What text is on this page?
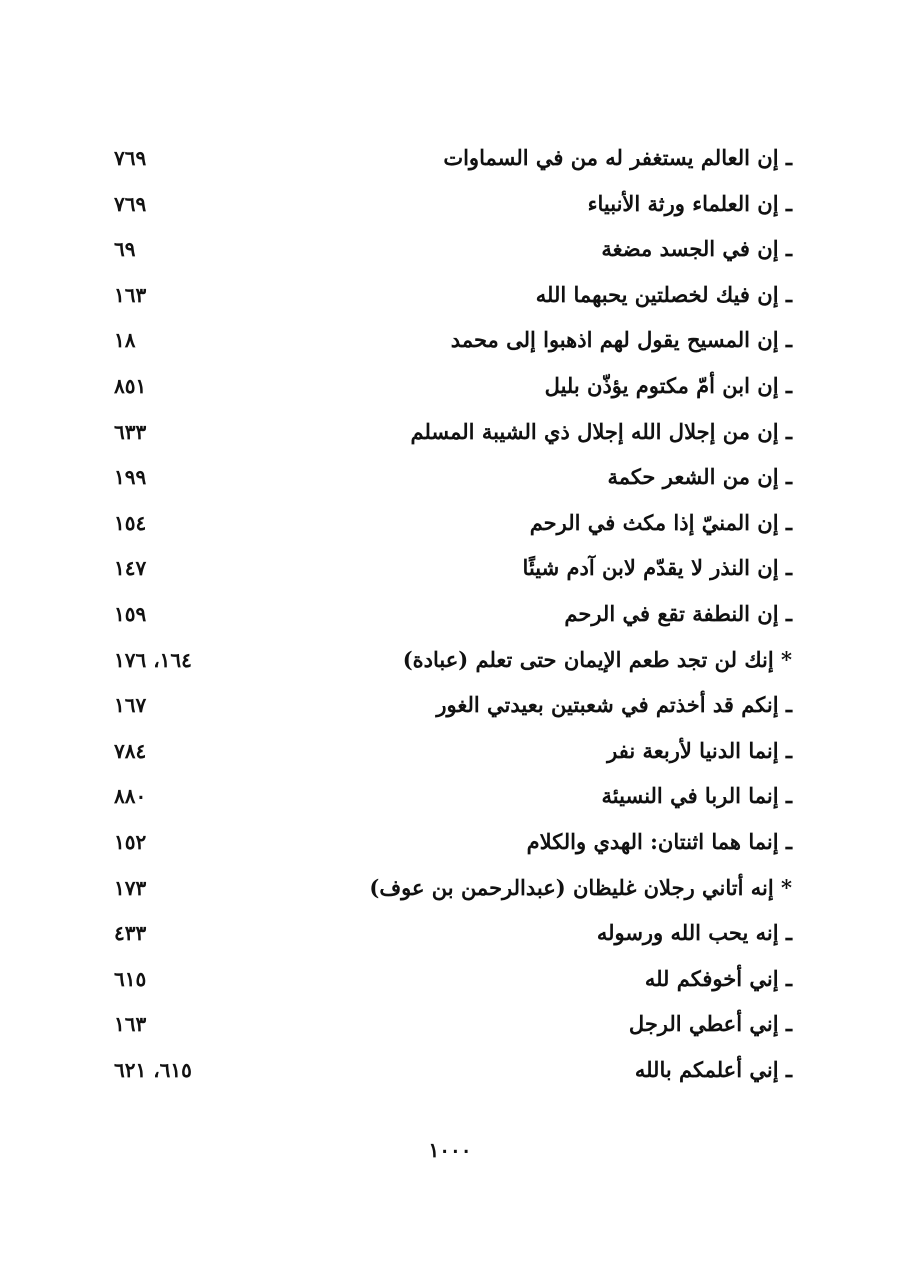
ـ إن العالم يستغفر له من في السماوات
٧٦٩
ـ إن العلماء ورثة الأنبياء
٧٦٩
ـ إن في الجسد مضغة
٦٩
ـ إن فيك لخصلتين يحبهما الله
١٦٣
ـ إن المسيح يقول لهم اذهبوا إلى محمد
١٨
ـ إن ابن أمّ مكتوم يؤذّن بليل
٨٥١
ـ إن من إجلال الله إجلال ذي الشيبة المسلم
٦٣٣
ـ إن من الشعر حكمة
١٩٩
ـ إن المنيّ إذا مكث في الرحم
١٥٤
ـ إن النذر لا يقدّم لابن آدم شيئًا
١٤٧
ـ إن النطفة تقع في الرحم
١٥٩
* إنك لن تجد طعم الإيمان حتى تعلم (عبادة)
١٦٤، ١٧٦
ـ إنكم قد أخذتم في شعبتين بعيدتي الغور
١٦٧
ـ إنما الدنيا لأربعة نفر
٧٨٤
ـ إنما الربا في النسيئة
٨٨٠
ـ إنما هما اثنتان: الهدي والكلام
١٥٢
* إنه أتاني رجلان غليظان (عبدالرحمن بن عوف)
١٧٣
ـ إنه يحب الله ورسوله
٤٣٣
ـ إني أخوفكم لله
٦١٥
ـ إني أعطي الرجل
١٦٣
ـ إني أعلمكم بالله
٦١٥، ٦٢١
١٠٠٠
